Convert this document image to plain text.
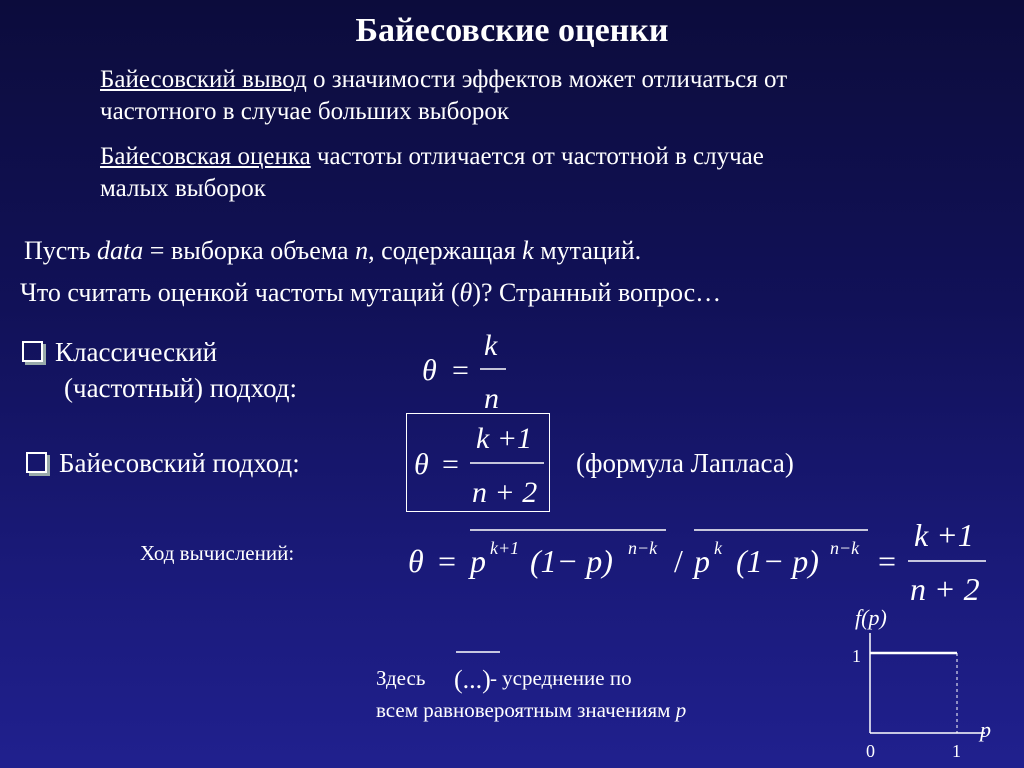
Байесовские оценки
Байесовский вывод о значимости эффектов может отличаться от
частотного в случае больших выборок
Байесовская оценка частоты отличается от частотной в случае
малых выборок
Пусть data = выборка объема n, содержащая k мутаций.
Что считать оценкой частоты мутаций (θ)? Странный вопрос…
Классический
(частотный) подход:
Байесовский подход:	(формула Лапласа)
Ход вычислений:
θ =
k
n
θ =
k +1
n + 2
θ = p k+1 (1− p) n−k / p k (1− p) n−k =
k +1
n + 2
(...)
f(p)
1
0	1
p
Здесь	- усреднение по
всем равновероятным значениям p
